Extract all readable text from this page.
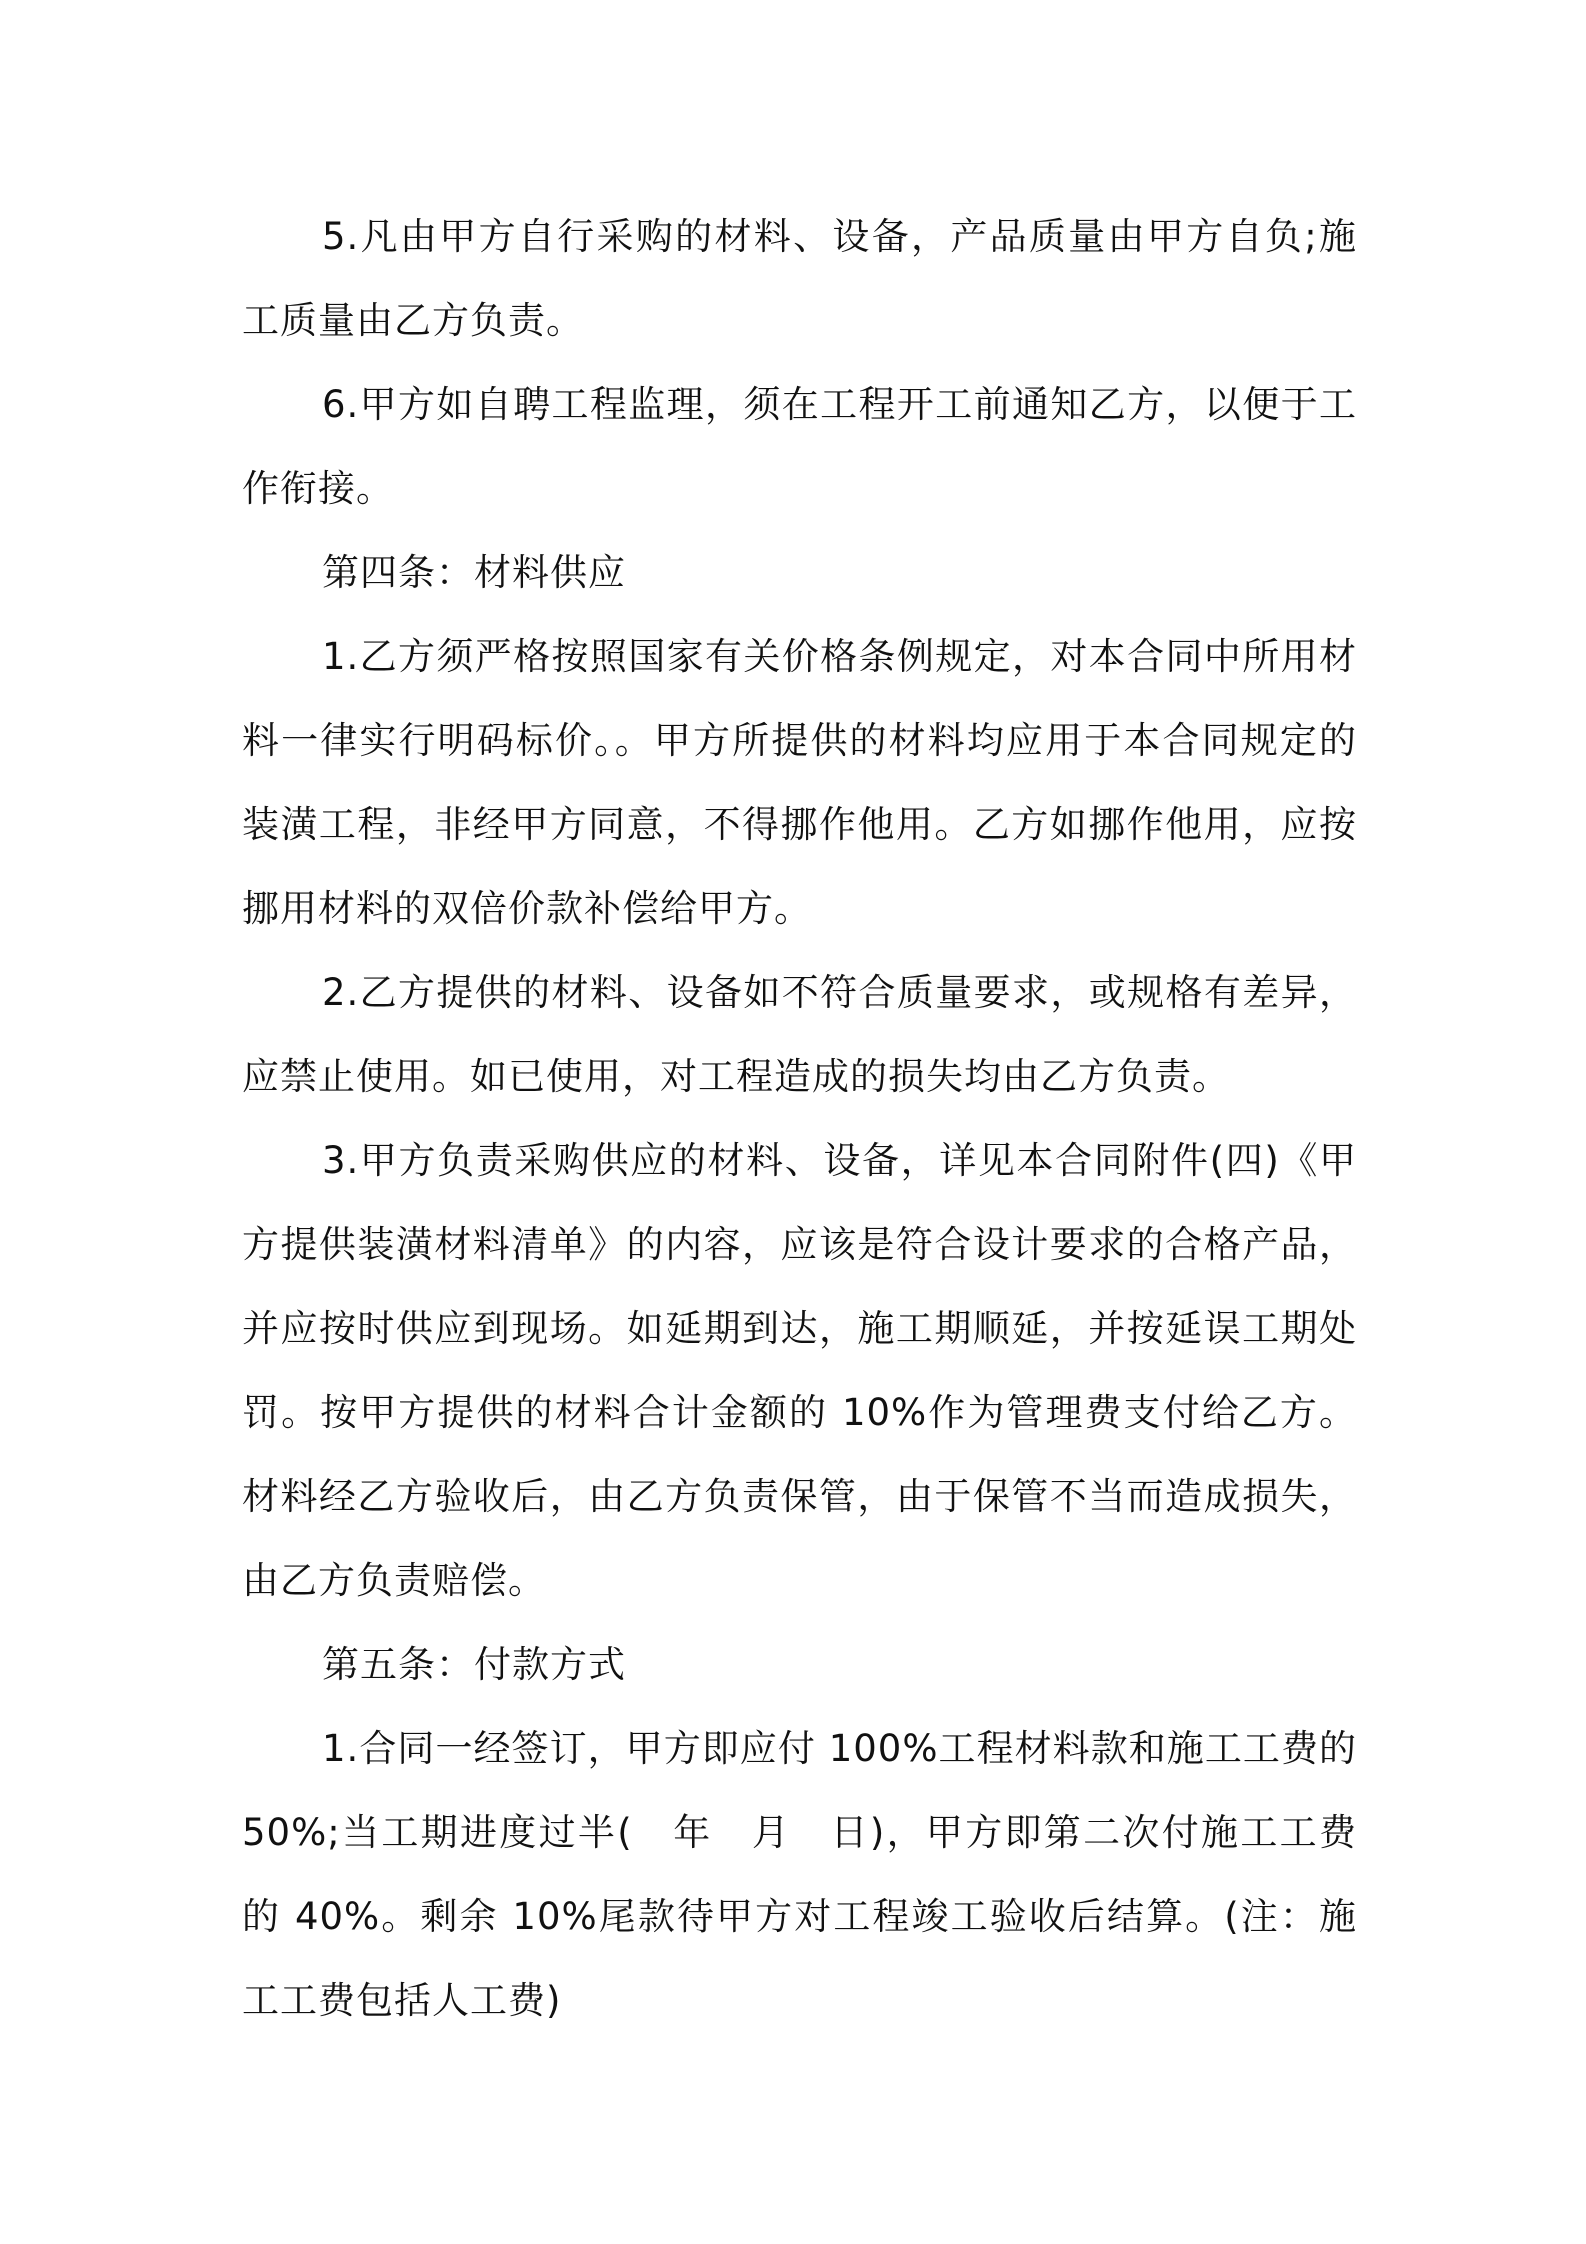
5.凡由甲方自行采购的材料、设备，产品质量由甲方自负;施工质量由乙方负责。

6.甲方如自聘工程监理，须在工程开工前通知乙方，以便于工作衔接。

第四条：材料供应

1.乙方须严格按照国家有关价格条例规定，对本合同中所用材料一律实行明码标价。。甲方所提供的材料均应用于本合同规定的装潢工程，非经甲方同意，不得挪作他用。乙方如挪作他用，应按挪用材料的双倍价款补偿给甲方。

2.乙方提供的材料、设备如不符合质量要求，或规格有差异，应禁止使用。如已使用，对工程造成的损失均由乙方负责。

3.甲方负责采购供应的材料、设备，详见本合同附件(四)《甲方提供装潢材料清单》的内容，应该是符合设计要求的合格产品，并应按时供应到现场。如延期到达，施工期顺延，并按延误工期处罚。按甲方提供的材料合计金额的 10%作为管理费支付给乙方。材料经乙方验收后，由乙方负责保管，由于保管不当而造成损失，由乙方负责赔偿。

第五条：付款方式

1.合同一经签订，甲方即应付 100%工程材料款和施工工费的 50%;当工期进度过半(　年　月　日)，甲方即第二次付施工工费的 40%。剩余 10%尾款待甲方对工程竣工验收后结算。(注：施工工费包括人工费)
